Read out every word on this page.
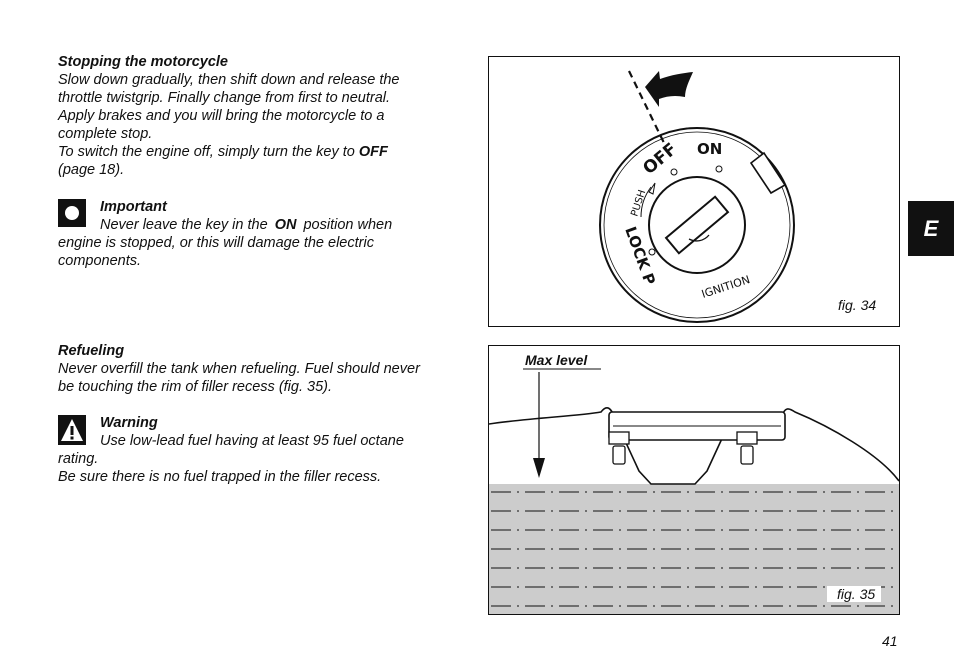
Stopping the motorcycle
Slow down gradually, then shift down and release the
throttle twistgrip. Finally change from first to neutral.
Apply brakes and you will bring the motorcycle to a
complete stop.
To switch the engine off, simply turn the key to OFF
(page 18).
Important
Never leave the key in the ON position when
engine is stopped, or this will damage the electric
components.
Refueling
Never overfill the tank when refueling. Fuel should never
be touching the rim of filler recess (fig. 35).
Warning
Use low-lead fuel having at least 95 fuel octane
rating.
Be sure there is no fuel trapped in the filler recess.
OFF ON
PUSH
LOCK P	IGNITION
fig. 34
Max level
fig. 35
E
41
